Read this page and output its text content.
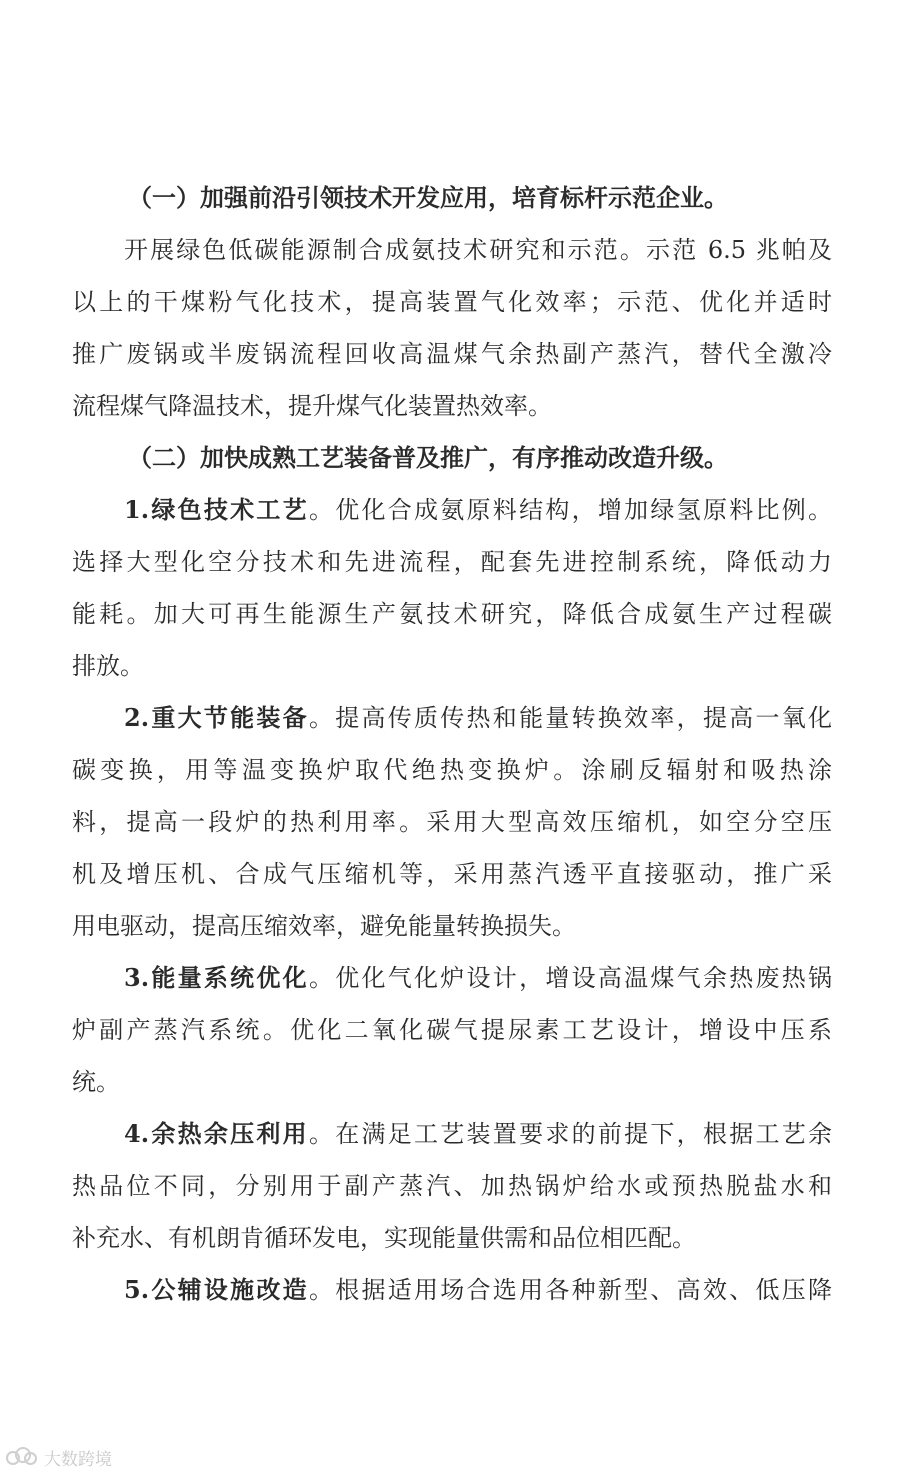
（一）加强前沿引领技术开发应用，培育标杆示范企业。
开展绿色低碳能源制合成氨技术研究和示范。示范 6.5 兆帕及
以上的干煤粉气化技术，提高装置气化效率；示范、优化并适时
推广废锅或半废锅流程回收高温煤气余热副产蒸汽，替代全激冷
流程煤气降温技术，提升煤气化装置热效率。
（二）加快成熟工艺装备普及推广，有序推动改造升级。
1.绿色技术工艺。优化合成氨原料结构，增加绿氢原料比例。
选择大型化空分技术和先进流程，配套先进控制系统，降低动力
能耗。加大可再生能源生产氨技术研究，降低合成氨生产过程碳
排放。
2.重大节能装备。提高传质传热和能量转换效率，提高一氧化
碳变换，用等温变换炉取代绝热变换炉。涂刷反辐射和吸热涂
料，提高一段炉的热利用率。采用大型高效压缩机，如空分空压
机及增压机、合成气压缩机等，采用蒸汽透平直接驱动，推广采
用电驱动，提高压缩效率，避免能量转换损失。
3.能量系统优化。优化气化炉设计，增设高温煤气余热废热锅
炉副产蒸汽系统。优化二氧化碳气提尿素工艺设计，增设中压系
统。
4.余热余压利用。在满足工艺装置要求的前提下，根据工艺余
热品位不同，分别用于副产蒸汽、加热锅炉给水或预热脱盐水和
补充水、有机朗肯循环发电，实现能量供需和品位相匹配。
5.公辅设施改造。根据适用场合选用各种新型、高效、低压降
大数跨境
